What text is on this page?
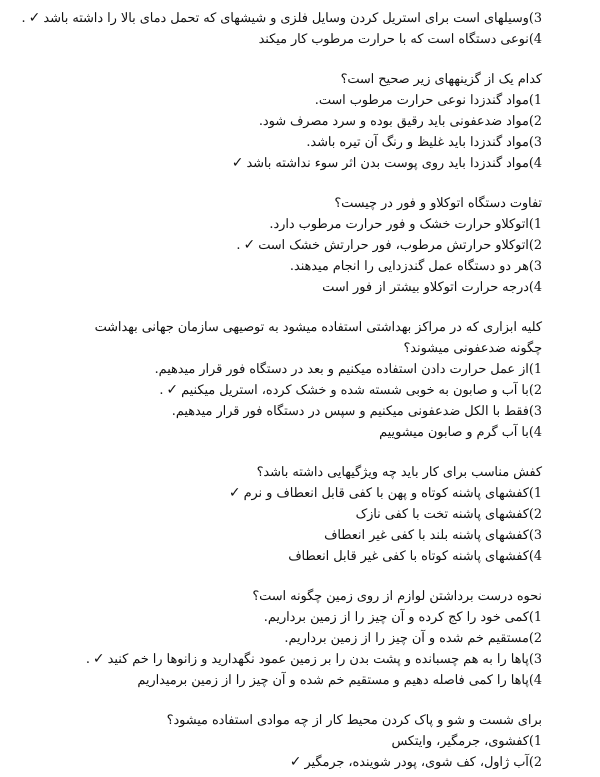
3)وسیلهای است برای استریل کردن وسایل فلزی و شیشهای که تحمل دمای بالا را داشته باشد✓.
4)نوعی دستگاه است که با حرارت مرطوب کار میکند
کدام یک از گزینههای زیر صحیح است؟
1)مواد گندزدا نوعی حرارت مرطوب است.
2)مواد ضدعفونی باید رقیق بوده و سرد مصرف شود.
3)مواد گندزدا باید غلیظ و رنگ آن تیره باشد.
4)مواد گندزدا باید روی پوست بدن اثر سوء نداشته باشد✓
تفاوت دستگاه اتوکلاو و فور در چیست؟
1)اتوکلاو حرارت خشک و فور حرارت مرطوب دارد.
2)اتوکلاو حرارتش مرطوب، فور حرارتش خشک است✓.
3)هر دو دستگاه عمل گندزدایی را انجام میدهند.
4)درجه حرارت اتوکلاو بیشتر از فور است
کلیه ابزاری که در مراکز بهداشتی استفاده میشود به توصیهی سازمان جهانی بهداشت چگونه ضدعفونی میشوند؟
1)از عمل حرارت دادن استفاده میکنیم و بعد در دستگاه فور قرار میدهیم.
2)با آب و صابون به خوبی شسته شده و خشک کرده، استریل میکنیم✓.
3)فقط با الکل ضدعفونی میکنیم و سپس در دستگاه فور قرار میدهیم.
4)با آب گرم و صابون میشوییم
کفش مناسب برای کار باید چه ویژگیهایی داشته باشد؟
1)کفشهای پاشنه کوتاه و پهن با کفی قابل انعطاف و نرم✓
2)کفشهای پاشنه تخت با کفی نازک
3)کفشهای پاشنه بلند با کفی غیر انعطاف
4)کفشهای پاشنه کوتاه با کفی غیر قابل انعطاف
نحوه درست برداشتن لوازم از روی زمین چگونه است؟
1)کمی خود را کج کرده و آن چیز را از زمین برداریم.
2)مستقیم خم شده و آن چیز را از زمین برداریم.
3)پاها را به هم چسبانده و پشت بدن را بر زمین عمود نگهدارید و زانوها را خم کنید✓.
4)پاها را کمی فاصله دهیم و مستقیم خم شده و آن چیز را از زمین برمیداریم
برای شست و شو و پاک کردن محیط کار از چه موادی استفاده میشود؟
1)کفشوی، جرمگیر، وایتکس
2)آب ژاول، کف شوی، پودر شوینده، جرمگیر✓
